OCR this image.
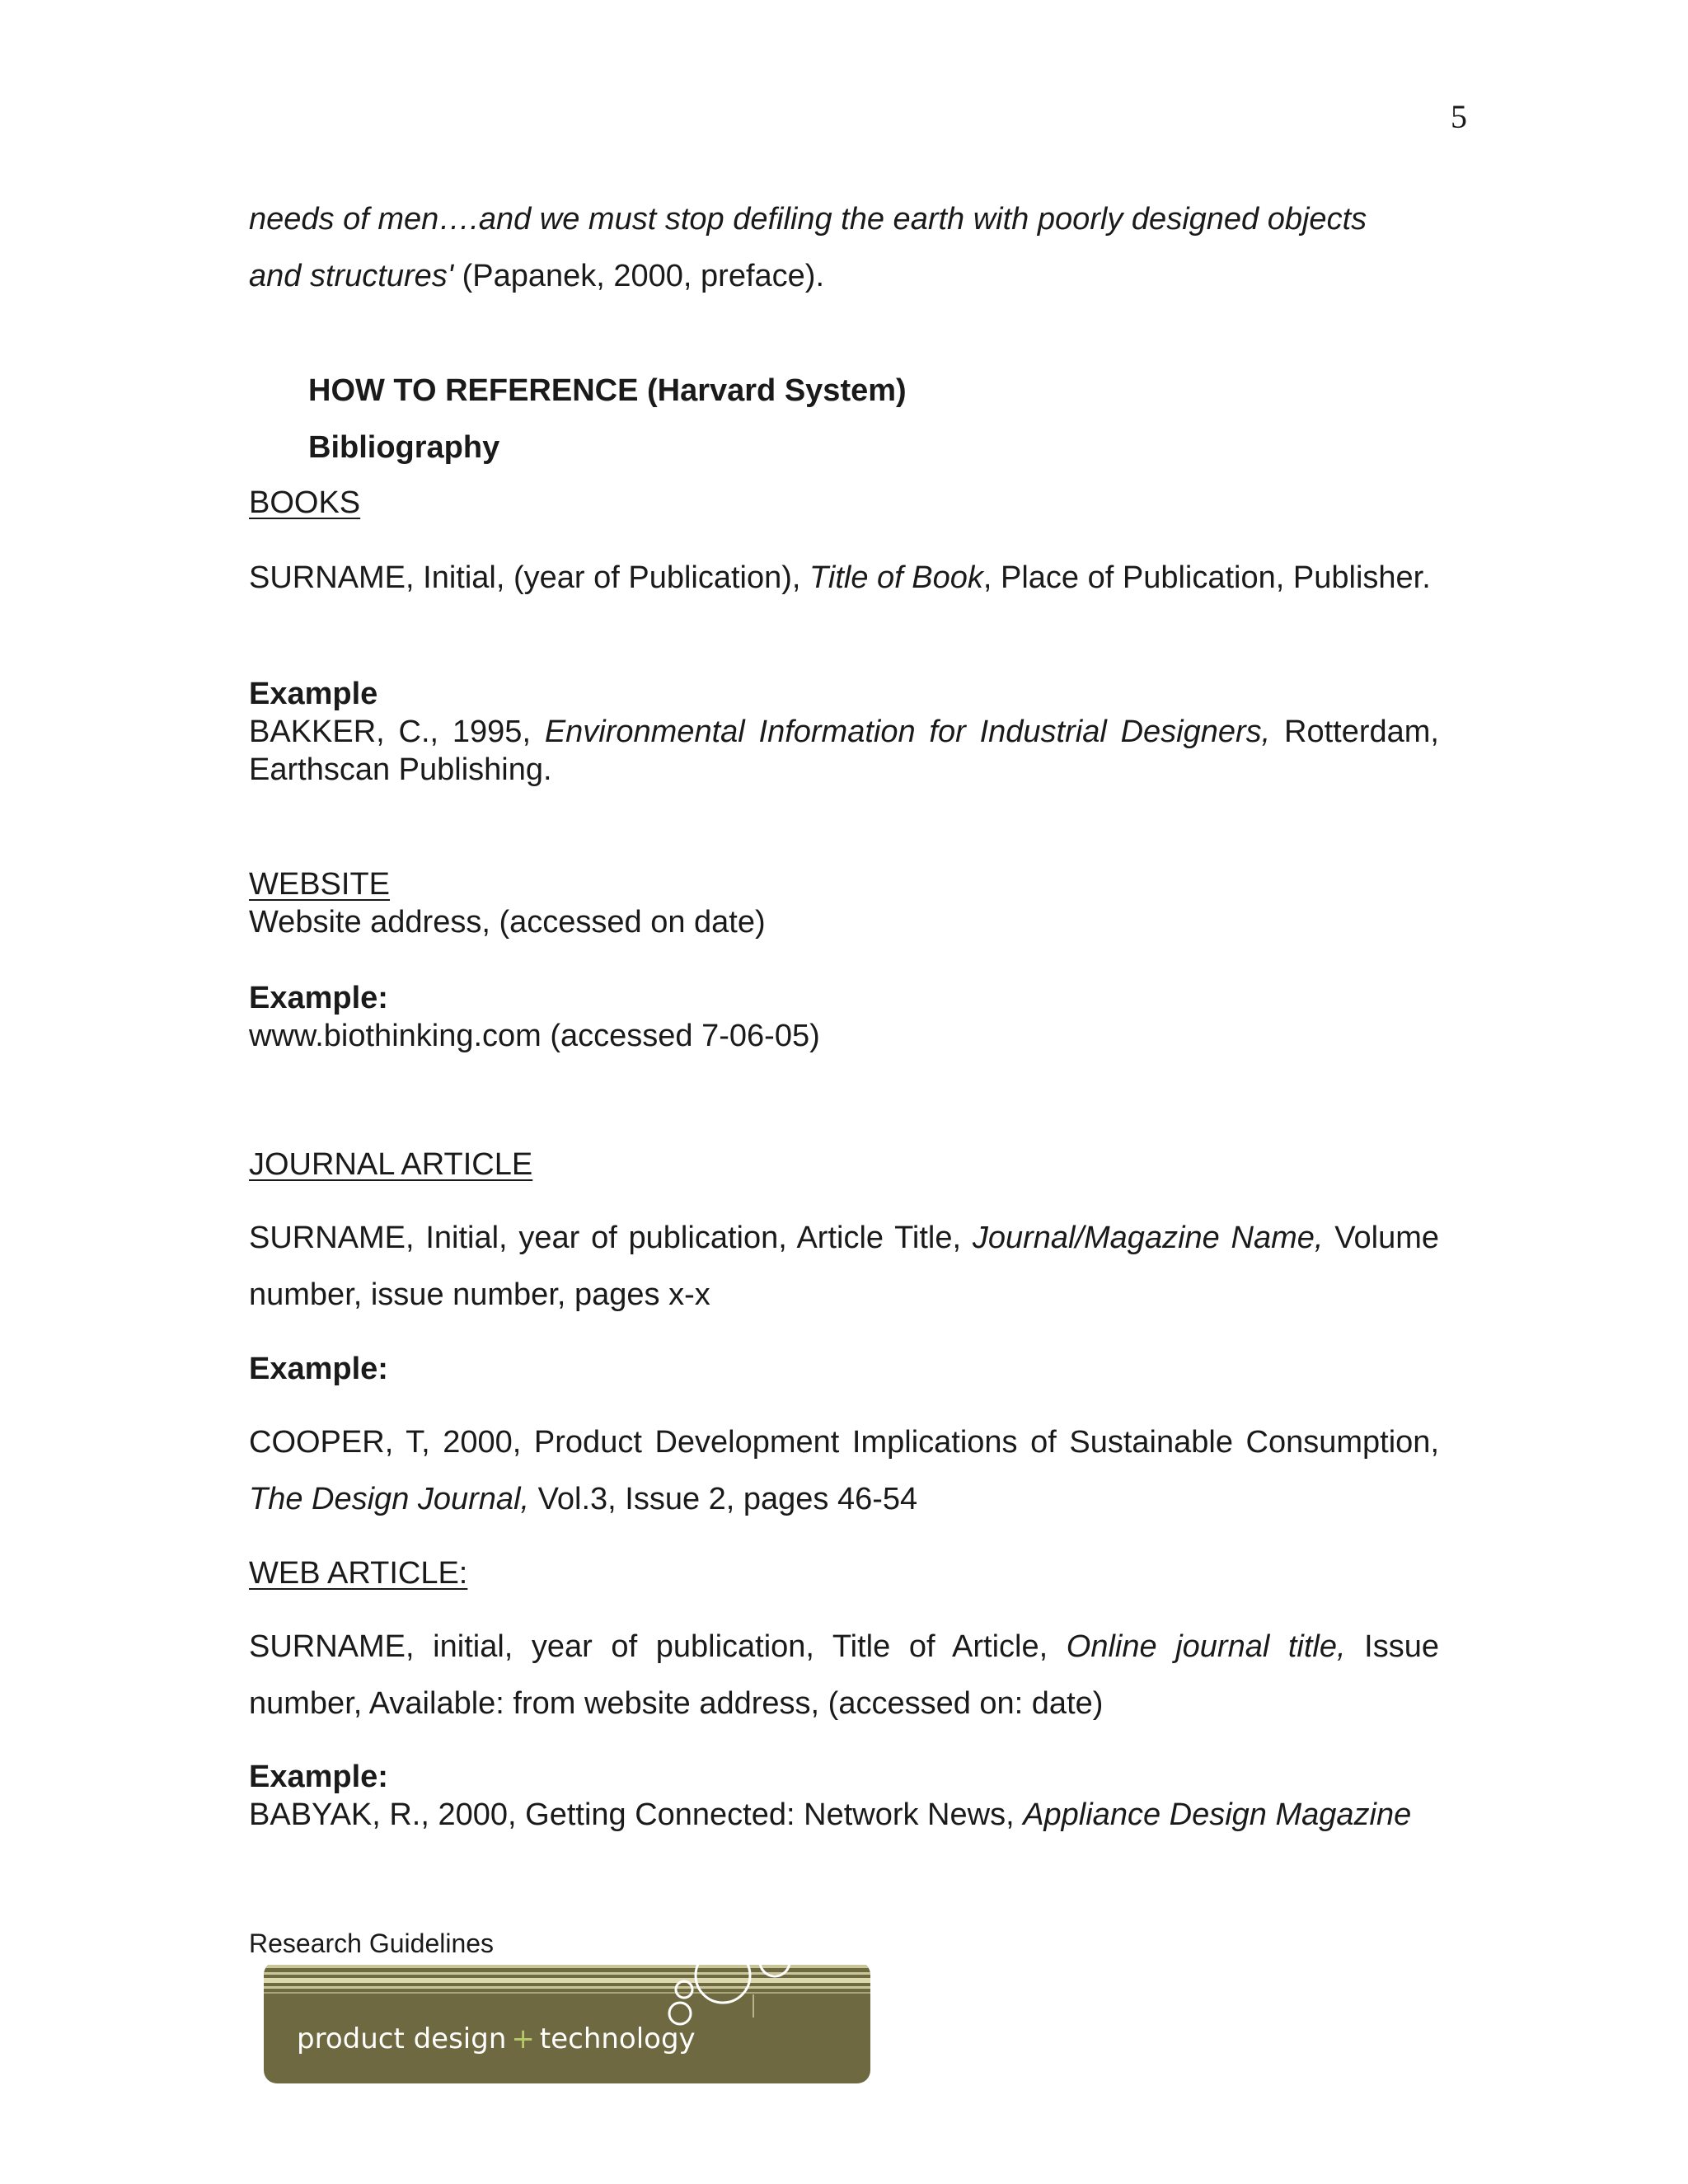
5
needs of men….and we must stop defiling the earth with poorly designed objects
and structures' (Papanek, 2000, preface).
HOW TO REFERENCE (Harvard System)
Bibliography
BOOKS
SURNAME, Initial, (year of Publication), Title of Book, Place of Publication, Publisher.
Example
BAKKER, C., 1995, Environmental Information for Industrial Designers, Rotterdam, Earthscan Publishing.
WEBSITE
Website address, (accessed on date)
Example:
www.biothinking.com (accessed 7-06-05)
JOURNAL ARTICLE
SURNAME, Initial, year of publication, Article Title, Journal/Magazine Name, Volume number, issue number, pages x-x
Example:
COOPER, T, 2000, Product Development Implications of Sustainable Consumption, The Design Journal, Vol.3, Issue 2, pages 46-54
WEB ARTICLE:
SURNAME, initial, year of publication, Title of Article, Online journal title, Issue number, Available: from website address, (accessed on: date)
Example:
BABYAK, R., 2000, Getting Connected: Network News, Appliance Design Magazine
Research Guidelines
product design + technology
